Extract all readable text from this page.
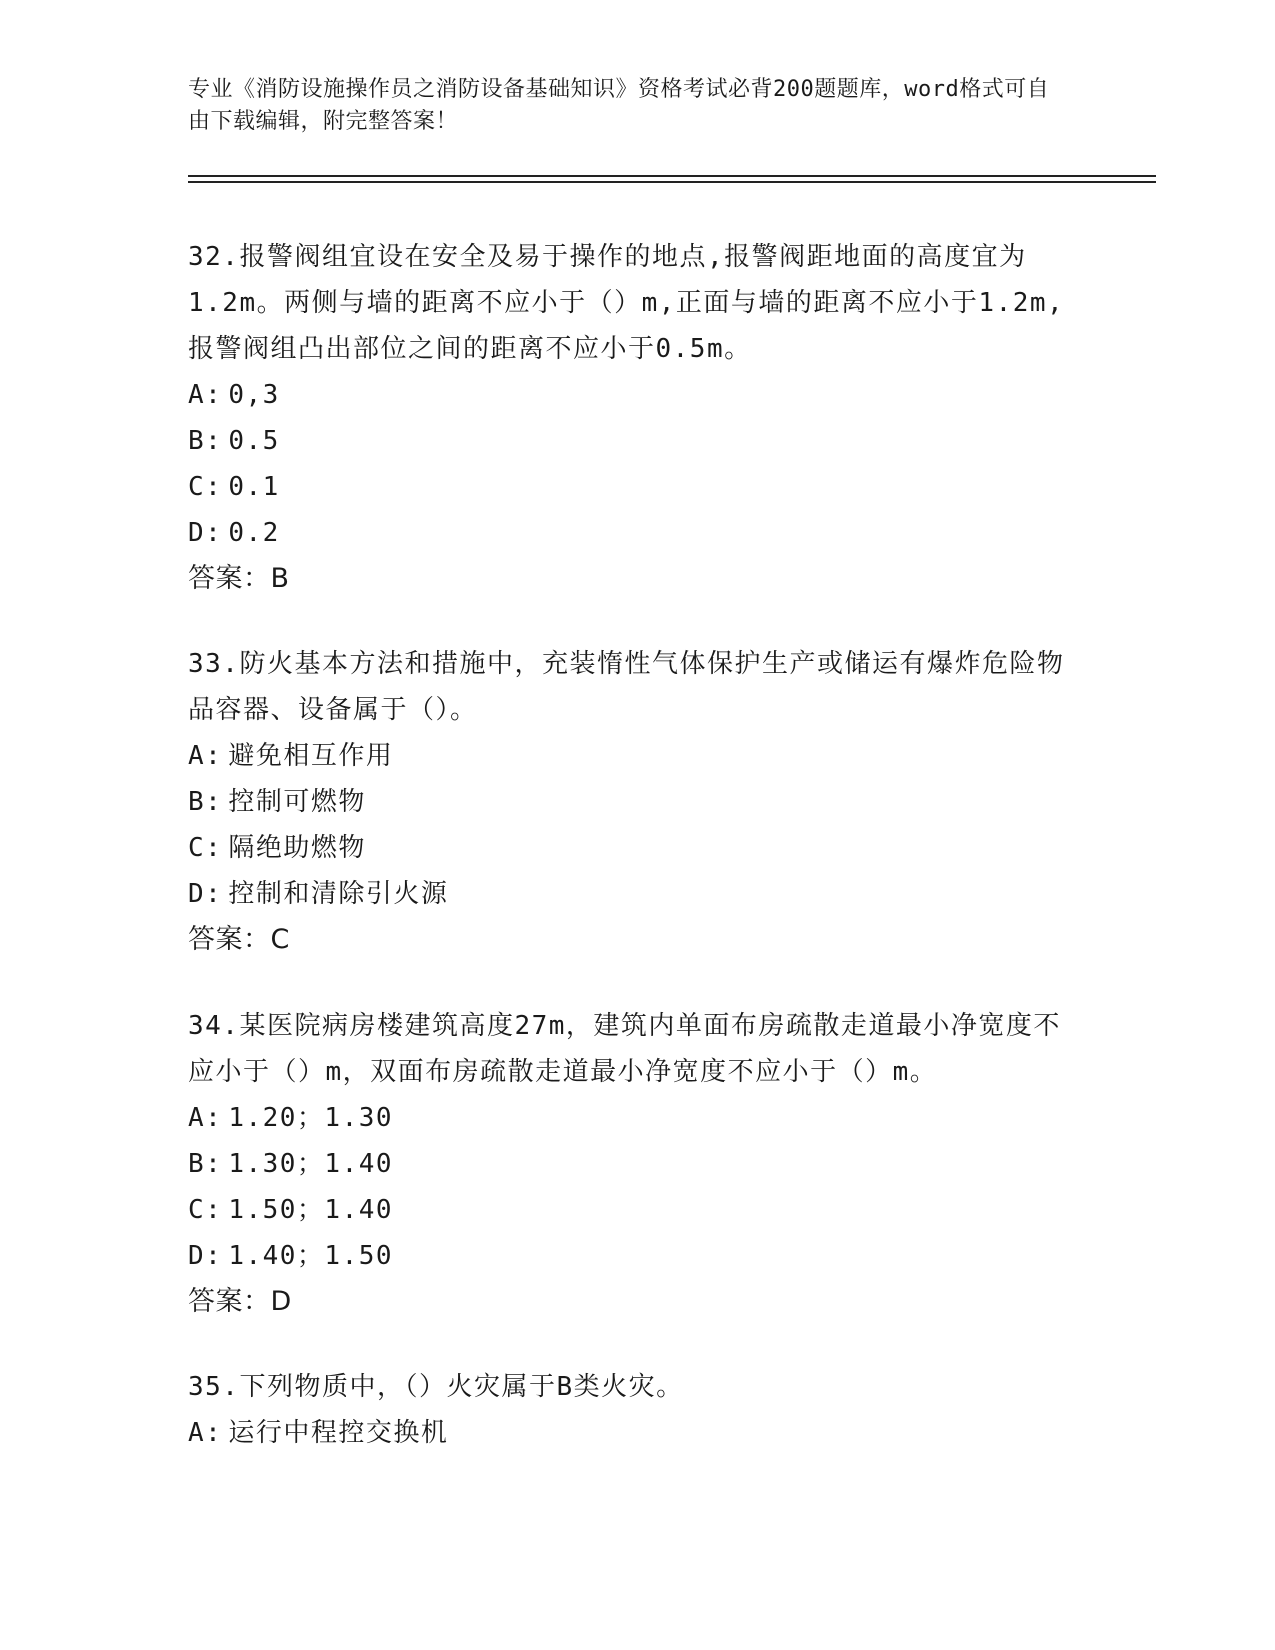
专业《消防设施操作员之消防设备基础知识》资格考试必背200题题库，word格式可自由下载编辑，附完整答案！
32.报警阀组宜设在安全及易于操作的地点,报警阀距地面的高度宜为1.2m。两侧与墙的距离不应小于（）m,正面与墙的距离不应小于1.2m,报警阀组凸出部位之间的距离不应小于0.5m。
A: 0,3
B: 0.5
C: 0.1
D: 0.2
答案：B
33.防火基本方法和措施中，充装惰性气体保护生产或储运有爆炸危险物品容器、设备属于（）。
A: 避免相互作用
B: 控制可燃物
C: 隔绝助燃物
D: 控制和清除引火源
答案：C
34.某医院病房楼建筑高度27m，建筑内单面布房疏散走道最小净宽度不应小于（）m，双面布房疏散走道最小净宽度不应小于（）m。
A: 1.20；1.30
B: 1.30；1.40
C: 1.50；1.40
D: 1.40；1.50
答案：D
35.下列物质中，（）火灾属于B类火灾。
A: 运行中程控交换机
